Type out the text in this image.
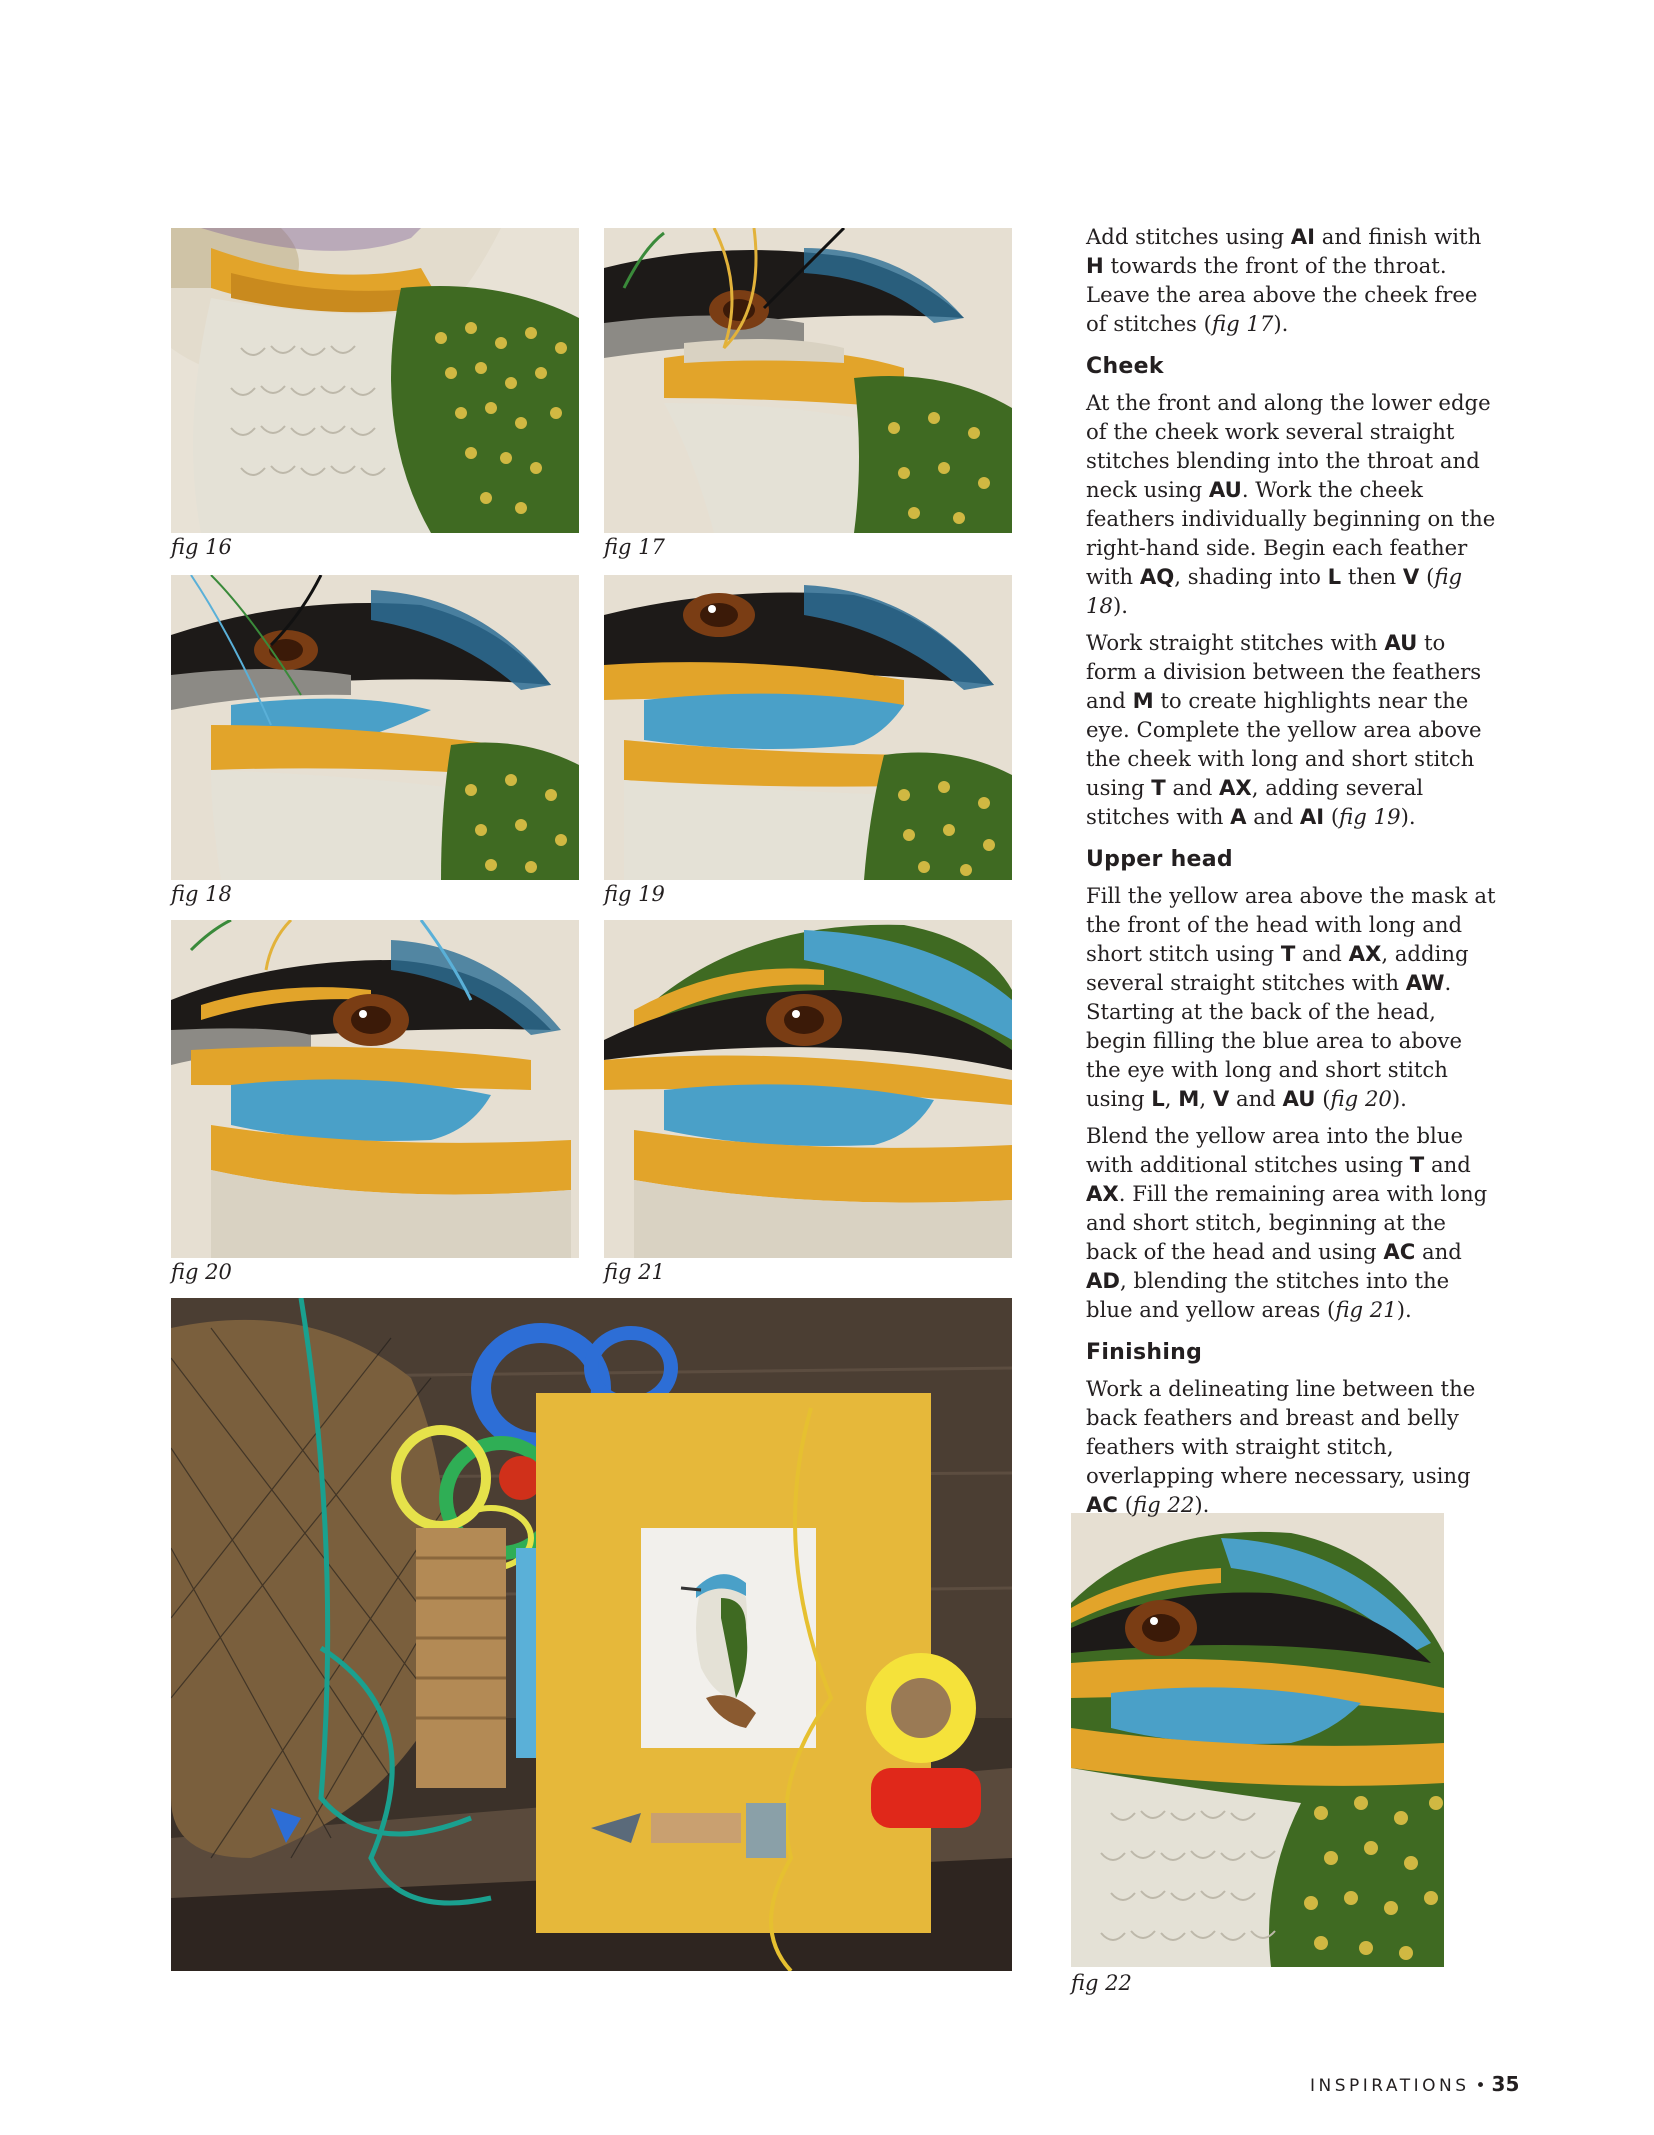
fig 16	fig 17
fig 18	fig 19
fig 20	fig 21
fig 22

Add stitches using AI and finish with H towards the front of the throat. Leave the area above the cheek free of stitches (fig 17).

Cheek

At the front and along the lower edge of the cheek work several straight stitches blending into the throat and neck using AU. Work the cheek feathers individually beginning on the right-hand side. Begin each feather with AQ, shading into L then V (fig 18).

Work straight stitches with AU to form a division between the feathers and M to create highlights near the eye. Complete the yellow area above the cheek with long and short stitch using T and AX, adding several stitches with A and AI (fig 19).

Upper head

Fill the yellow area above the mask at the front of the head with long and short stitch using T and AX, adding several straight stitches with AW. Starting at the back of the head, begin filling the blue area to above the eye with long and short stitch using L, M, V and AU (fig 20).

Blend the yellow area into the blue with additional stitches using T and AX. Fill the remaining area with long and short stitch, beginning at the back of the head and using AC and AD, blending the stitches into the blue and yellow areas (fig 21).

Finishing

Work a delineating line between the back feathers and breast and belly feathers with straight stitch, overlapping where necessary, using AC (fig 22).

INSPIRATIONS • 35
